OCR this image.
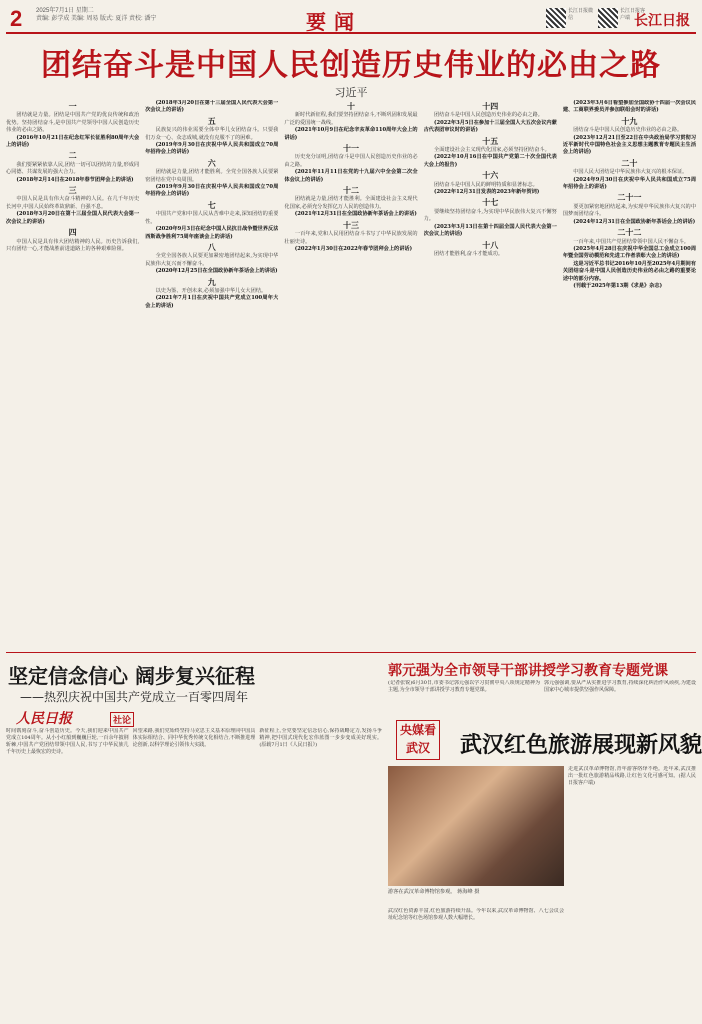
2 2025年7月1日 星期二
责编: 彭学成 美编: 周易 版式: 夏洋 责校: 潘宁	要闻	长江日报微信
长江日报客户端 长江日报
团结奋斗是中国人民创造历史伟业的必由之路
习近平
一

团结就是力量。团结是中国共产党的优良传统和政治优势。坚持团结奋斗,是中国共产党领导中国人民创造历史伟业的必由之路。

(2016年10月21日在纪念红军长征胜利80周年大会上的讲话)

二

我们要紧紧依靠人民,团结一切可以团结的力量,形成同心同德、共谋发展的强大合力。

(2018年2月14日在2018年春节团拜会上的讲话)

三

中国人民是具有伟大奋斗精神的人民。在几千年历史长河中,中国人民始终革故鼎新、自强不息。

(2018年3月20日在第十三届全国人民代表大会第一次会议上的讲话)

四

中国人民是具有伟大团结精神的人民。历史告诉我们,只有团结一心,才能战胜前进道路上的各种艰难险阻。

(2018年3月20日在第十三届全国人民代表大会第一次会议上的讲话)

五

民族复兴的伟业需要全体中华儿女团结奋斗。只要我们万众一心、众志成城,就没有克服不了的困难。

(2019年9月30日在庆祝中华人民共和国成立70周年招待会上的讲话)

六

团结就是力量,团结才能胜利。全党全国各族人民要紧密团结在党中央周围。

(2019年9月30日在庆祝中华人民共和国成立70周年招待会上的讲话)

七

中国共产党和中国人民从苦难中走来,深知团结的重要性。

(2020年9月3日在纪念中国人民抗日战争暨世界反法西斯战争胜利75周年座谈会上的讲话)

八

全党全国各族人民要更加紧密地团结起来,为实现中华民族伟大复兴而不懈奋斗。

(2020年12月25日在全国政协新年茶话会上的讲话)

九

以史为鉴、开创未来,必须加强中华儿女大团结。

(2021年7月1日在庆祝中国共产党成立100周年大会上的讲话)

十

新时代新征程,我们要坚持团结奋斗,不断巩固和发展最广泛的爱国统一战线。

(2021年10月9日在纪念辛亥革命110周年大会上的讲话)

十一

历史充分证明,团结奋斗是中国人民创造历史伟业的必由之路。

(2021年11月11日在党的十九届六中全会第二次全体会议上的讲话)

十二

团结就是力量,团结才能胜利。全面建设社会主义现代化国家,必须充分发挥亿万人民的创造伟力。

(2021年12月31日在全国政协新年茶话会上的讲话)

十三

一百年来,党和人民用团结奋斗书写了中华民族发展的壮丽史诗。

(2022年1月30日在2022年春节团拜会上的讲话)

十四

团结奋斗是中国人民创造历史伟业的必由之路。

(2022年3月5日在参加十三届全国人大五次会议内蒙古代表团审议时的讲话)

十五

全面建设社会主义现代化国家,必须坚持团结奋斗。

(2022年10月16日在中国共产党第二十次全国代表大会上的报告)

十六

团结奋斗是中国人民的鲜明特质和显著标志。

(2022年12月31日发表的2023年新年贺词)

十七

要继续坚持团结奋斗,为实现中华民族伟大复兴不懈努力。

(2023年3月13日在第十四届全国人民代表大会第一次会议上的讲话)

十八

团结才能胜利,奋斗才能成功。

(2023年3月6日看望参加全国政协十四届一次会议民建、工商联界委员并参加联组会时的讲话)

十九

团结奋斗是中国人民创造历史伟业的必由之路。

(2023年12月21日至22日在中央政治局学习贯彻习近平新时代中国特色社会主义思想主题教育专题民主生活会上的讲话)

二十

中国人民大团结是中华民族伟大复兴的根本保证。

(2024年9月30日在庆祝中华人民共和国成立75周年招待会上的讲话)

二十一

要更加紧密地团结起来,为实现中华民族伟大复兴的中国梦而团结奋斗。

(2024年12月31日在全国政协新年茶话会上的讲话)

二十二

一百年来,中国共产党团结带领中国人民不懈奋斗。

(2025年4月28日在庆祝中华全国总工会成立100周年暨全国劳动模范和先进工作者表彰大会上的讲话)

这是习近平总书记2016年10月至2025年4月期间有关团结奋斗是中国人民创造历史伟业的必由之路的重要论述中的部分内容。

(刊载于2025年第13期《求是》杂志)

坚定信念信心 阔步复兴征程
——热烈庆祝中国共产党成立一百零四周年
人民日报	社论
时间镌刻奋斗,奋斗创造历史。今天,我们迎来中国共产党成立104周年。从小小红船到巍巍巨轮,一百余年披荆斩棘,中国共产党团结带领中国人民,书写了中华民族几千年历史上最恢宏的史诗。
回望来路,我们党始终坚持马克思主义基本原理同中国具体实际相结合、同中华优秀传统文化相结合,不断推进理论创新,以科学理论引领伟大实践。
新征程上,全党要坚定信念信心,保持战略定力,发扬斗争精神,把中国式现代化宏伟蓝图一步步变成美好现实。 (原载7月1日《人民日报》)
郭元强为全市领导干部讲授学习教育专题党课
(记者张锐)6月30日,市委书记郭元强以学习贯彻中央八项规定精神为主题,为全市领导干部讲授学习教育专题党课。
郭元强强调,要从严从实推进学习教育,持续深化纠治作风顽疾,为建设国家中心城市提供坚强作风保障。
央媒看武汉	武汉红色旅游展现新风貌
游客在武汉革命博物馆参观。 蒋海峰 摄
武汉红色资源丰富,红色旅游持续升温。今年以来,武汉革命博物馆、八七会议会址纪念馆等红色场馆参观人数大幅增长。
走进武汉革命博物馆,青年游客络绎不绝。近年来,武汉推出一批红色旅游精品线路,让红色文化可感可知。(据人民日报客户端)
